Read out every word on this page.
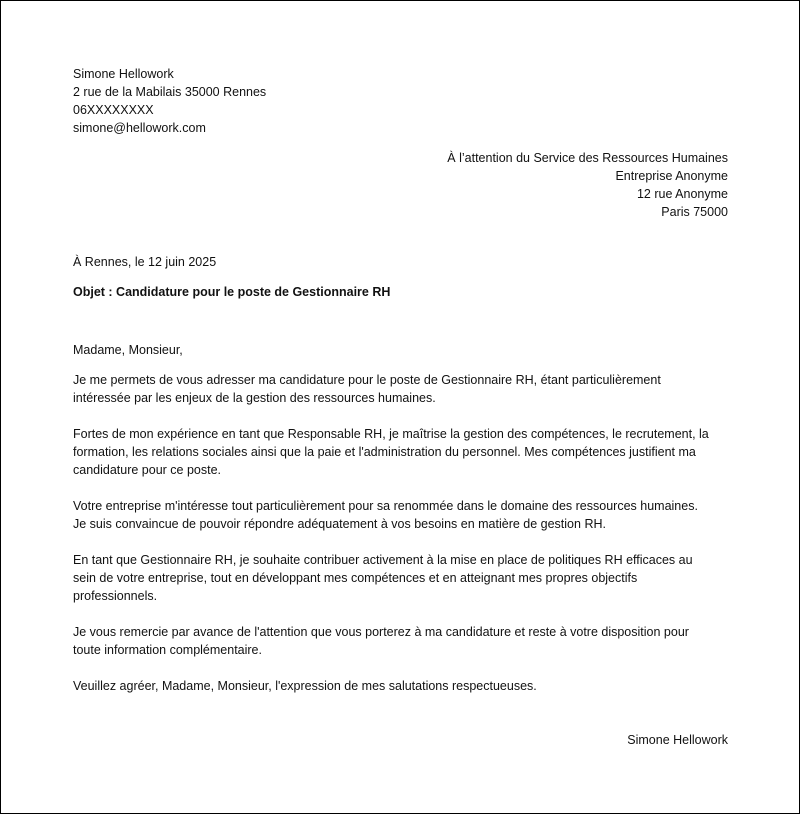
Simone Hellowork
2 rue de la Mabilais 35000 Rennes
06XXXXXXXX
simone@hellowork.com
À l’attention du Service des Ressources Humaines
Entreprise Anonyme
12 rue Anonyme
Paris 75000
À Rennes, le 12 juin 2025
Objet : Candidature pour le poste de Gestionnaire RH
Madame, Monsieur,

Je me permets de vous adresser ma candidature pour le poste de Gestionnaire RH, étant particulièrement
intéressée par les enjeux de la gestion des ressources humaines.

Fortes de mon expérience en tant que Responsable RH, je maîtrise la gestion des compétences, le recrutement, la
formation, les relations sociales ainsi que la paie et l'administration du personnel. Mes compétences justifient ma
candidature pour ce poste.

Votre entreprise m'intéresse tout particulièrement pour sa renommée dans le domaine des ressources humaines.
Je suis convaincue de pouvoir répondre adéquatement à vos besoins en matière de gestion RH.

En tant que Gestionnaire RH, je souhaite contribuer activement à la mise en place de politiques RH efficaces au
sein de votre entreprise, tout en développant mes compétences et en atteignant mes propres objectifs
professionnels.

Je vous remercie par avance de l'attention que vous porterez à ma candidature et reste à votre disposition pour
toute information complémentaire.

Veuillez agréer, Madame, Monsieur, l'expression de mes salutations respectueuses.
Simone Hellowork
